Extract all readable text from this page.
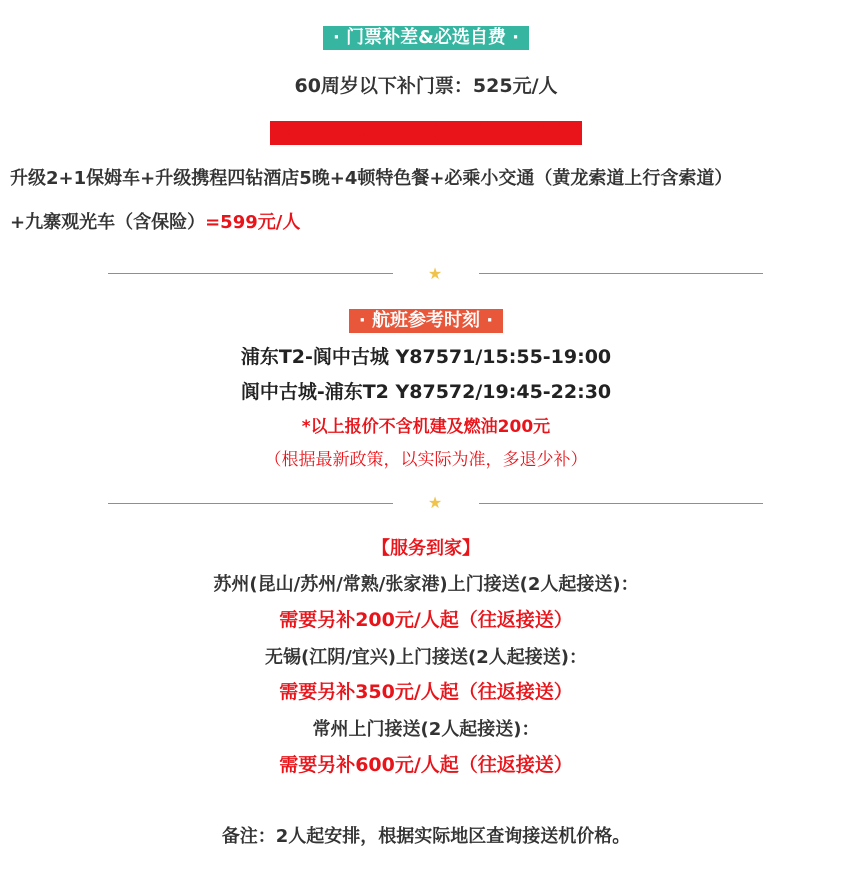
· 门票补差&必选自费 ·
60周岁以下补门票：525元/人
必选自费599元/人（与团费一同支付）
升级2+1保姆车+升级携程四钻酒店5晚+4顿特色餐+必乘小交通（黄龙索道上行含索道）
+九寨观光车（含保险）=599元/人
★
· 航班参考时刻 ·
浦东T2-阆中古城 Y87571/15:55-19:00
阆中古城-浦东T2 Y87572/19:45-22:30
*以上报价不含机建及燃油200元
（根据最新政策，以实际为准，多退少补）
★
【服务到家】
苏州(昆山/苏州/常熟/张家港)上门接送(2人起接送)：
需要另补200元/人起（往返接送）
无锡(江阴/宜兴)上门接送(2人起接送)：
需要另补350元/人起（往返接送）
常州上门接送(2人起接送)：
需要另补600元/人起（往返接送）
备注：2人起安排，根据实际地区查询接送机价格。
